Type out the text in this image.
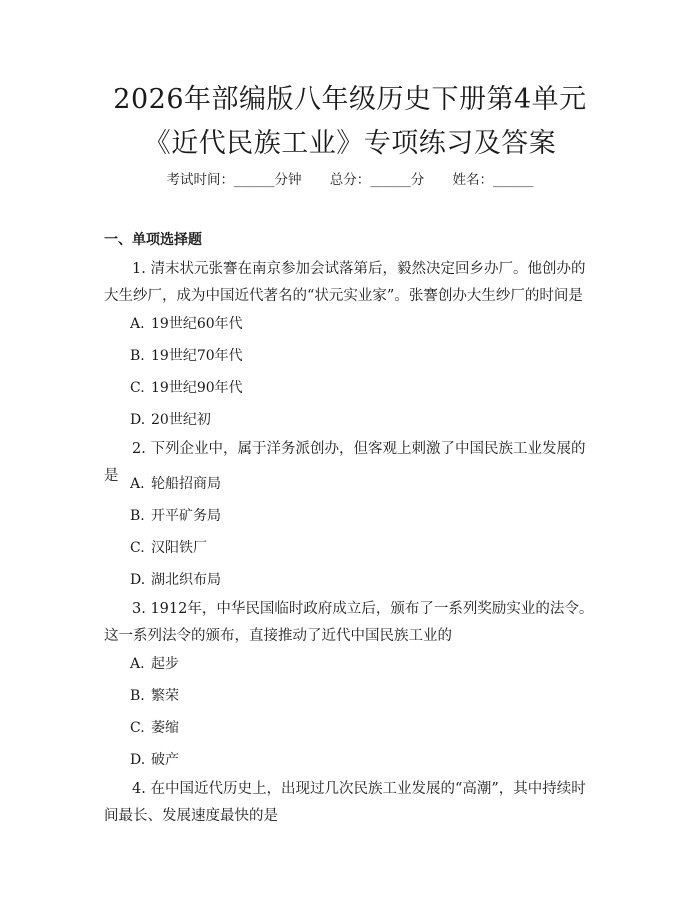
2026年部编版八年级历史下册第4单元《近代民族工业》专项练习及答案
考试时间：______分钟 总分：______分 姓名：______
一、单项选择题

1. 清末状元张謇在南京参加会试落第后，毅然决定回乡办厂。他创办的大生纱厂，成为中国近代著名的“状元实业家”。张謇创办大生纱厂的时间是

A. 19世纪60年代

B. 19世纪70年代

C. 19世纪90年代

D. 20世纪初

2. 下列企业中，属于洋务派创办，但客观上刺激了中国民族工业发展的是 A. 轮船招商局

B. 开平矿务局

C. 汉阳铁厂

D. 湖北织布局

3. 1912年，中华民国临时政府成立后，颁布了一系列奖励实业的法令。这一系列法令的颁布，直接推动了近代中国民族工业的

A. 起步

B. 繁荣

C. 萎缩

D. 破产

4. 在中国近代历史上，出现过几次民族工业发展的“高潮”，其中持续时间最长、发展速度最快的是
